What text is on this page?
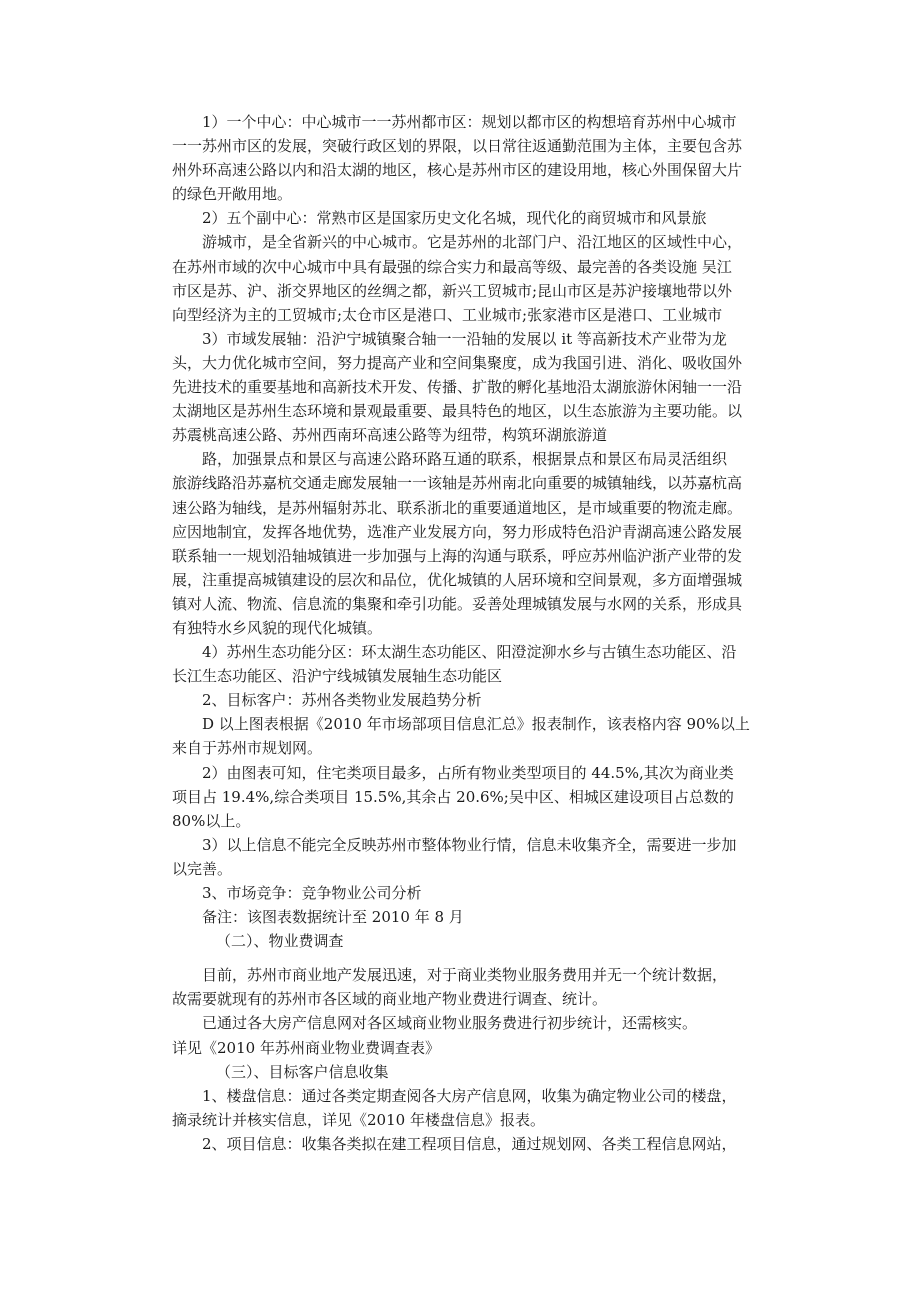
1）一个中心：中心城市一一苏州都市区：规划以都市区的构想培育苏州中心城市
一一苏州市区的发展，突破行政区划的界限，以日常往返通勤范围为主体，主要包含苏
州外环高速公路以内和沿太湖的地区，核心是苏州市区的建设用地，核心外围保留大片
的绿色开敞用地。
2）五个副中心：常熟市区是国家历史文化名城，现代化的商贸城市和风景旅
游城市，是全省新兴的中心城市。它是苏州的北部门户、沿江地区的区域性中心，
在苏州市域的次中心城市中具有最强的综合实力和最高等级、最完善的各类设施 吴江
市区是苏、沪、浙交界地区的丝绸之都，新兴工贸城市;昆山市区是苏沪接壤地带以外
向型经济为主的工贸城市;太仓市区是港口、工业城市;张家港市区是港口、工业城市
3）市域发展轴：沿沪宁城镇聚合轴一一沿轴的发展以 it 等高新技术产业带为龙
头，大力优化城市空间，努力提高产业和空间集聚度，成为我国引进、消化、吸收国外
先进技术的重要基地和高新技术开发、传播、扩散的孵化基地沿太湖旅游休闲轴一一沿
太湖地区是苏州生态环境和景观最重要、最具特色的地区，以生态旅游为主要功能。以
苏震桃高速公路、苏州西南环高速公路等为纽带，构筑环湖旅游道
路，加强景点和景区与高速公路环路互通的联系，根据景点和景区布局灵活组织
旅游线路沿苏嘉杭交通走廊发展轴一一该轴是苏州南北向重要的城镇轴线，以苏嘉杭高
速公路为轴线，是苏州辐射苏北、联系浙北的重要通道地区，是市域重要的物流走廊。
应因地制宜，发挥各地优势，选准产业发展方向，努力形成特色沿沪青湖高速公路发展
联系轴一一规划沿轴城镇进一步加强与上海的沟通与联系，呼应苏州临沪浙产业带的发
展，注重提高城镇建设的层次和品位，优化城镇的人居环境和空间景观，多方面增强城
镇对人流、物流、信息流的集聚和牵引功能。妥善处理城镇发展与水网的关系，形成具
有独特水乡风貌的现代化城镇。
4）苏州生态功能分区：环太湖生态功能区、阳澄淀泖水乡与古镇生态功能区、沿
长江生态功能区、沿沪宁线城镇发展轴生态功能区
2、目标客户：苏州各类物业发展趋势分析
D 以上图表根据《2010 年市场部项目信息汇总》报表制作，该表格内容 90%以上
来自于苏州市规划网。
2）由图表可知，住宅类项目最多，占所有物业类型项目的 44.5%,其次为商业类
项目占 19.4%,综合类项目 15.5%,其余占 20.6%;吴中区、相城区建设项目占总数的
80%以上。
3）以上信息不能完全反映苏州市整体物业行情，信息未收集齐全，需要进一步加
以完善。
3、市场竞争：竞争物业公司分析
备注：该图表数据统计至 2010 年 8 月
（二）、物业费调查
目前，苏州市商业地产发展迅速，对于商业类物业服务费用并无一个统计数据，
故需要就现有的苏州市各区域的商业地产物业费进行调查、统计。
已通过各大房产信息网对各区域商业物业服务费进行初步统计，还需核实。
详见《2010 年苏州商业物业费调查表》
（三）、目标客户信息收集
1、楼盘信息：通过各类定期查阅各大房产信息网，收集为确定物业公司的楼盘，
摘录统计并核实信息，详见《2010 年楼盘信息》报表。
2、项目信息：收集各类拟在建工程项目信息，通过规划网、各类工程信息网站，
